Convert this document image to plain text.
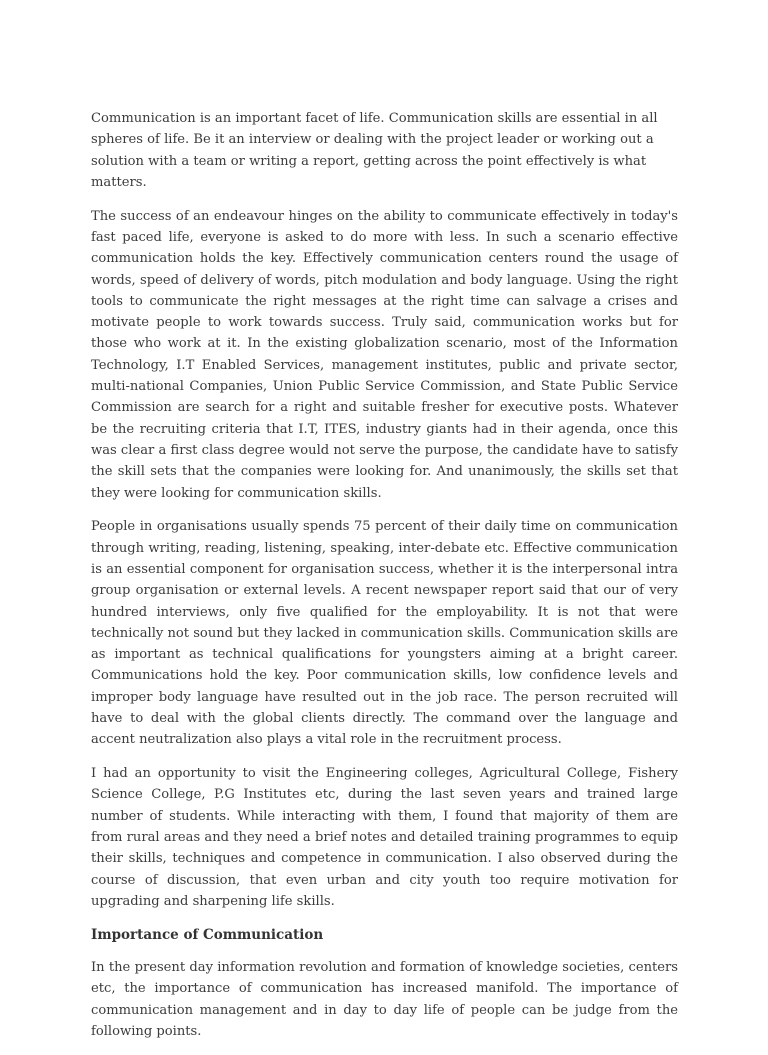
Communication is an important facet of life. Communication skills are essential in all spheres of life. Be it an interview or dealing with the project leader or working out a solution with a team or writing a report, getting across the point effectively is what matters.

The success of an endeavour hinges on the ability to communicate effectively in today's fast paced life, everyone is asked to do more with less. In such a scenario effective communication holds the key. Effectively communication centers round the usage of words, speed of delivery of words, pitch modulation and body language. Using the right tools to communicate the right messages at the right time can salvage a crises and motivate people to work towards success. Truly said, communication works but for those who work at it. In the existing globalization scenario, most of the Information Technology, I.T Enabled Services, management institutes, public and private sector, multi-national Companies, Union Public Service Commission, and State Public Service Commission are search for a right and suitable fresher for executive posts. Whatever be the recruiting criteria that I.T, ITES, industry giants had in their agenda, once this was clear a first class degree would not serve the purpose, the candidate have to satisfy the skill sets that the companies were looking for. And unanimously, the skills set that they were looking for communication skills.

People in organisations usually spends 75 percent of their daily time on communication through writing, reading, listening, speaking, inter-debate etc. Effective communication is an essential component for organisation success, whether it is the interpersonal intra group organisation or external levels. A recent newspaper report said that our of very hundred interviews, only five qualified for the employability. It is not that were technically not sound but they lacked in communication skills. Communication skills are as important as technical qualifications for youngsters aiming at a bright career. Communications hold the key. Poor communication skills, low confidence levels and improper body language have resulted out in the job race. The person recruited will have to deal with the global clients directly. The command over the language and accent neutralization also plays a vital role in the recruitment process.

I had an opportunity to visit the Engineering colleges, Agricultural College, Fishery Science College, P.G Institutes etc, during the last seven years and trained large number of students. While interacting with them, I found that majority of them are from rural areas and they need a brief notes and detailed training programmes to equip their skills, techniques and competence in communication. I also observed during the course of discussion, that even urban and city youth too require motivation for upgrading and sharpening life skills.

Importance of Communication

In the present day information revolution and formation of knowledge societies, centers etc, the importance of communication has increased manifold. The importance of communication management and in day to day life of people can be judge from the following points.
